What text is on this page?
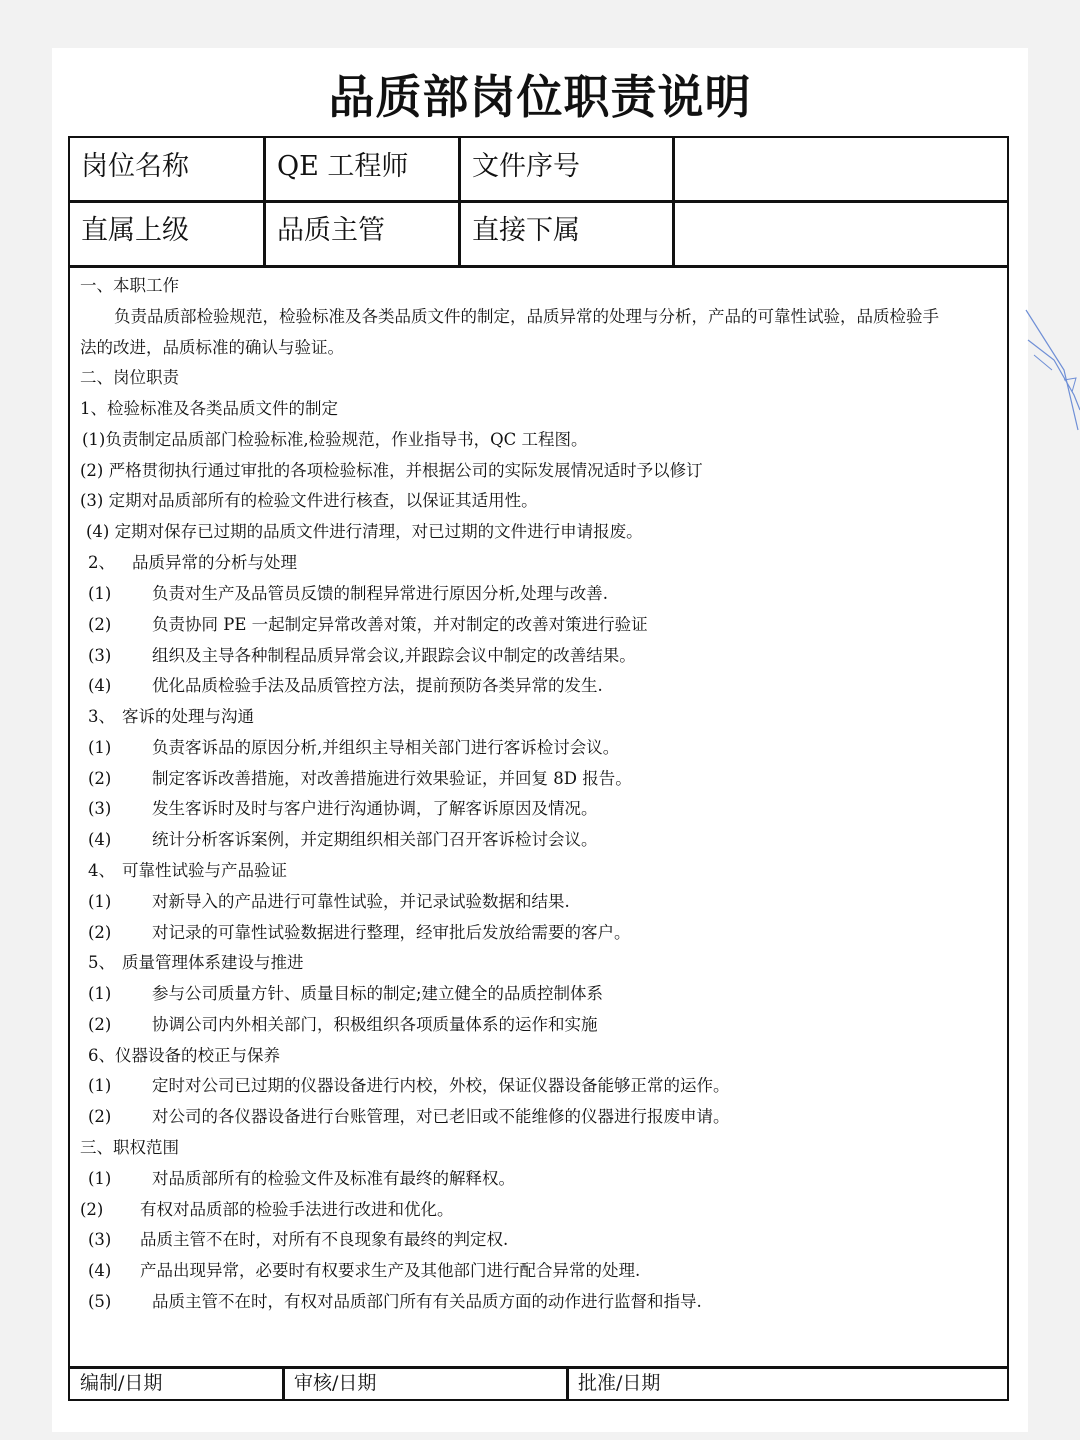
品质部岗位职责说明
岗位名称	QE 工程师	文件序号
直属上级	品质主管	直接下属
一、本职工作
负责品质部检验规范，检验标准及各类品质文件的制定，品质异常的处理与分析，产品的可靠性试验，品质检验手
法的改进，品质标准的确认与验证。
二、岗位职责
1、检验标准及各类品质文件的制定
(1)负责制定品质部门检验标准,检验规范，作业指导书，QC 工程图。
(2) 严格贯彻执行通过审批的各项检验标准，并根据公司的实际发展情况适时予以修订
(3) 定期对品质部所有的检验文件进行核查，以保证其适用性。
(4) 定期对保存已过期的品质文件进行清理，对已过期的文件进行申请报废。
2、 品质异常的分析与处理
(1) 负责对生产及品管员反馈的制程异常进行原因分析,处理与改善.
(2) 负责协同 PE 一起制定异常改善对策，并对制定的改善对策进行验证
(3) 组织及主导各种制程品质异常会议,并跟踪会议中制定的改善结果。
(4) 优化品质检验手法及品质管控方法，提前预防各类异常的发生.
3、 客诉的处理与沟通
(1) 负责客诉品的原因分析,并组织主导相关部门进行客诉检讨会议。
(2) 制定客诉改善措施，对改善措施进行效果验证，并回复 8D 报告。
(3) 发生客诉时及时与客户进行沟通协调，了解客诉原因及情况。
(4) 统计分析客诉案例，并定期组织相关部门召开客诉检讨会议。
4、 可靠性试验与产品验证
(1) 对新导入的产品进行可靠性试验，并记录试验数据和结果.
(2) 对记录的可靠性试验数据进行整理，经审批后发放给需要的客户。
5、 质量管理体系建设与推进
(1) 参与公司质量方针、质量目标的制定;建立健全的品质控制体系
(2) 协调公司内外相关部门，积极组织各项质量体系的运作和实施
6、仪器设备的校正与保养
(1) 定时对公司已过期的仪器设备进行内校，外校，保证仪器设备能够正常的运作。
(2) 对公司的各仪器设备进行台账管理，对已老旧或不能维修的仪器进行报废申请。
三、职权范围
(1) 对品质部所有的检验文件及标准有最终的解释权。
(2) 有权对品质部的检验手法进行改进和优化。
(3) 品质主管不在时，对所有不良现象有最终的判定权.
(4) 产品出现异常，必要时有权要求生产及其他部门进行配合异常的处理.
(5) 品质主管不在时，有权对品质部门所有有关品质方面的动作进行监督和指导.
编制/日期	审核/日期	批准/日期
